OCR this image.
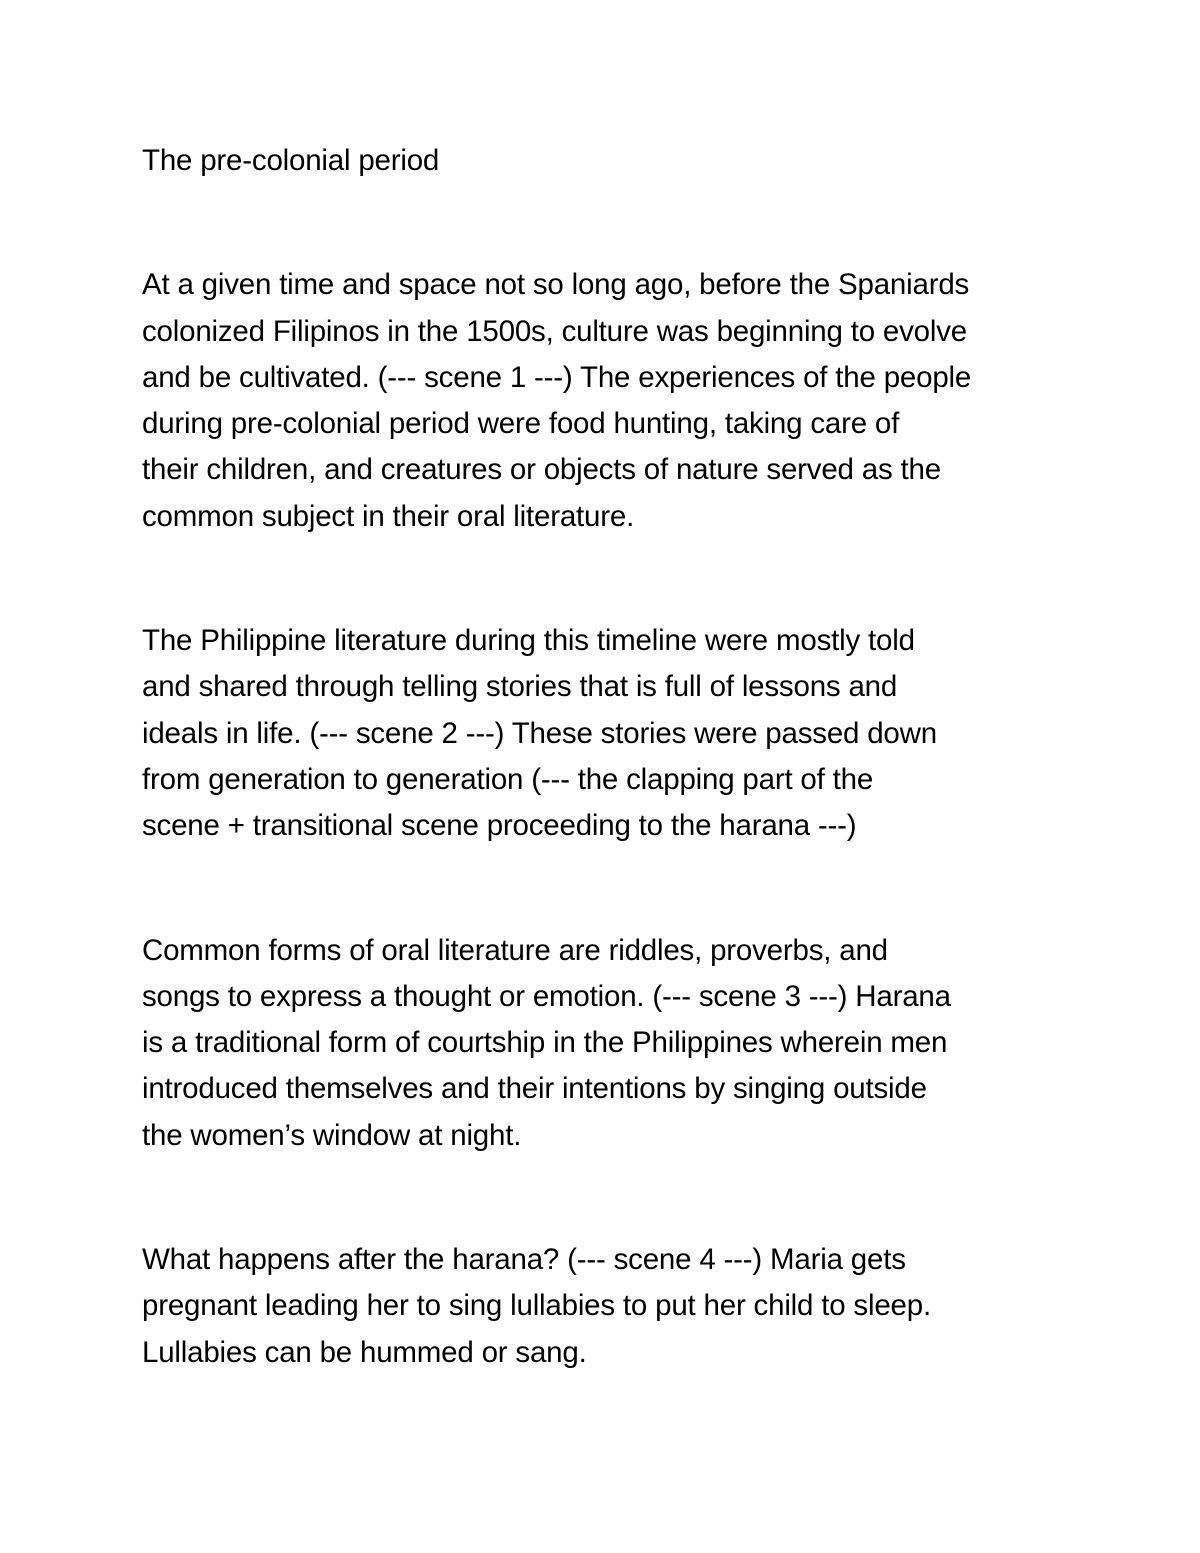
The pre-colonial period
At a given time and space not so long ago, before the Spaniards
colonized Filipinos in the 1500s, culture was beginning to evolve
and be cultivated. (--- scene 1 ---) The experiences of the people
during pre-colonial period were food hunting, taking care of
their children, and creatures or objects of nature served as the
common subject in their oral literature.
The Philippine literature during this timeline were mostly told
and shared through telling stories that is full of lessons and
ideals in life. (--- scene 2 ---) These stories were passed down
from generation to generation (--- the clapping part of the
scene + transitional scene proceeding to the harana ---)
Common forms of oral literature are riddles, proverbs, and
songs to express a thought or emotion. (--- scene 3 ---) Harana
is a traditional form of courtship in the Philippines wherein men
introduced themselves and their intentions by singing outside
the women’s window at night.
What happens after the harana? (--- scene 4 ---) Maria gets
pregnant leading her to sing lullabies to put her child to sleep.
Lullabies can be hummed or sang.
